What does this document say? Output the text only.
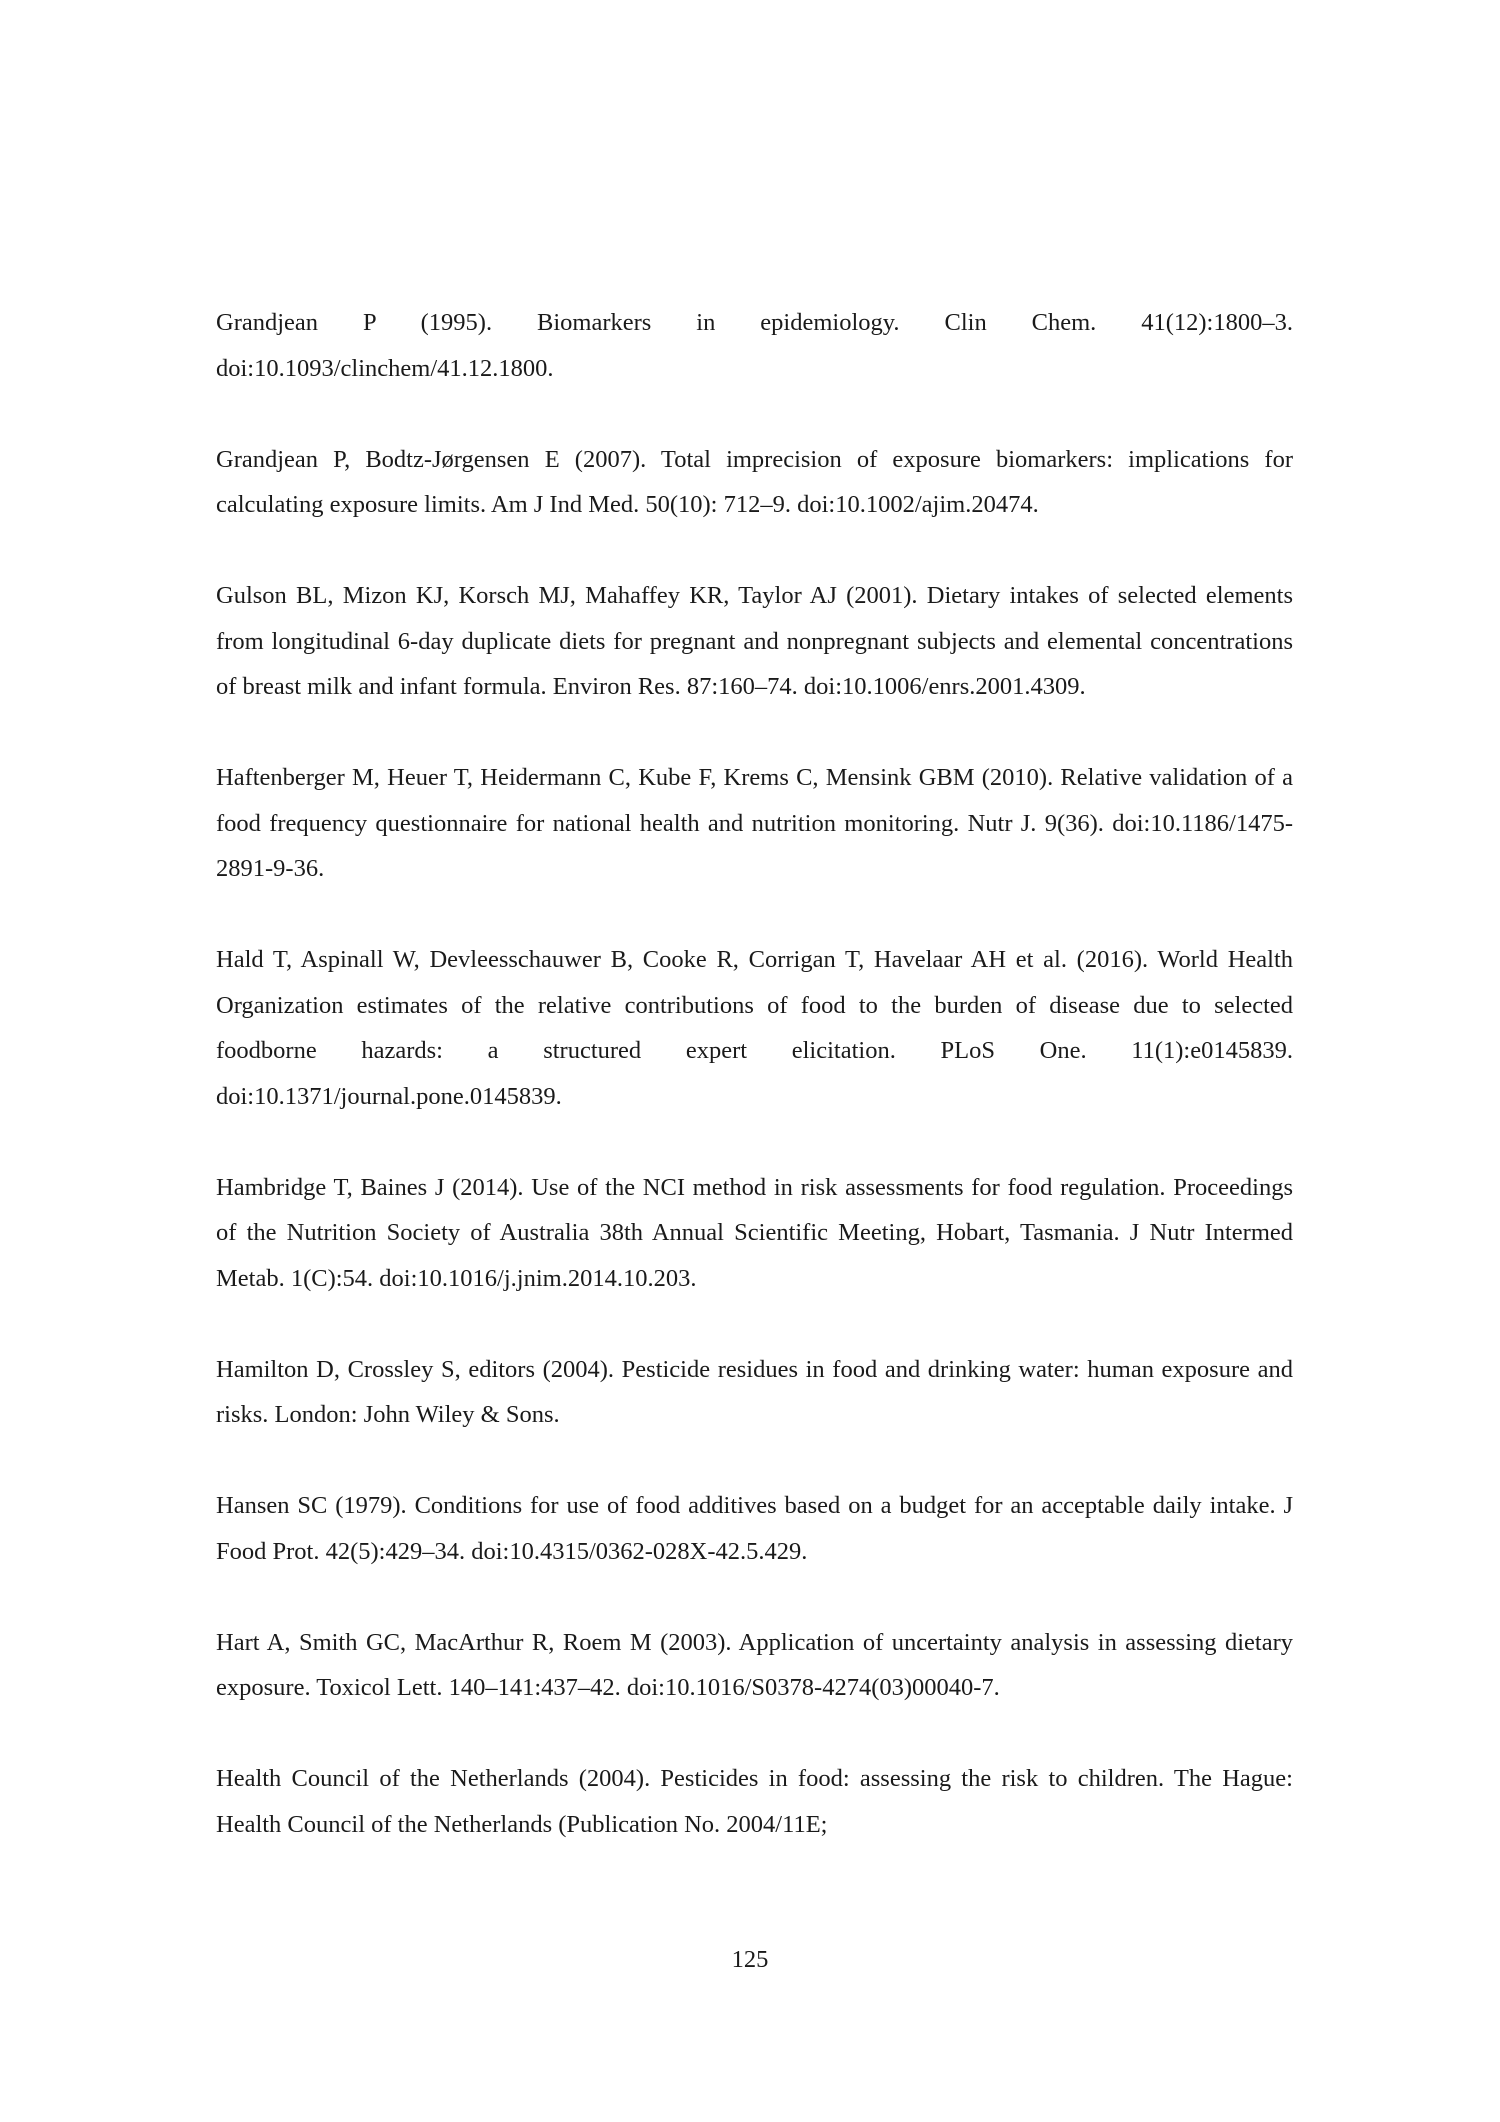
Grandjean P (1995). Biomarkers in epidemiology. Clin Chem. 41(12):1800–3. doi:10.1093/clinchem/41.12.1800.

Grandjean P, Bodtz-Jørgensen E (2007). Total imprecision of exposure biomarkers: implications for calculating exposure limits. Am J Ind Med. 50(10): 712–9. doi:10.1002/ajim.20474.

Gulson BL, Mizon KJ, Korsch MJ, Mahaffey KR, Taylor AJ (2001). Dietary intakes of selected elements from longitudinal 6-day duplicate diets for pregnant and nonpregnant subjects and elemental concentrations of breast milk and infant formula. Environ Res. 87:160–74. doi:10.1006/enrs.2001.4309.

Haftenberger M, Heuer T, Heidermann C, Kube F, Krems C, Mensink GBM (2010). Relative validation of a food frequency questionnaire for national health and nutrition monitoring. Nutr J. 9(36). doi:10.1186/1475-2891-9-36.

Hald T, Aspinall W, Devleesschauwer B, Cooke R, Corrigan T, Havelaar AH et al. (2016). World Health Organization estimates of the relative contributions of food to the burden of disease due to selected foodborne hazards: a structured expert elicitation. PLoS One. 11(1):e0145839. doi:10.1371/journal.pone.0145839.

Hambridge T, Baines J (2014). Use of the NCI method in risk assessments for food regulation. Proceedings of the Nutrition Society of Australia 38th Annual Scientific Meeting, Hobart, Tasmania. J Nutr Intermed Metab. 1(C):54. doi:10.1016/j.jnim.2014.10.203.

Hamilton D, Crossley S, editors (2004). Pesticide residues in food and drinking water: human exposure and risks. London: John Wiley & Sons.

Hansen SC (1979). Conditions for use of food additives based on a budget for an acceptable daily intake. J Food Prot. 42(5):429–34. doi:10.4315/0362-028X-42.5.429.

Hart A, Smith GC, MacArthur R, Roem M (2003). Application of uncertainty analysis in assessing dietary exposure. Toxicol Lett. 140–141:437–42. doi:10.1016/S0378-4274(03)00040-7.

Health Council of the Netherlands (2004). Pesticides in food: assessing the risk to children. The Hague: Health Council of the Netherlands (Publication No. 2004/11E;

125
